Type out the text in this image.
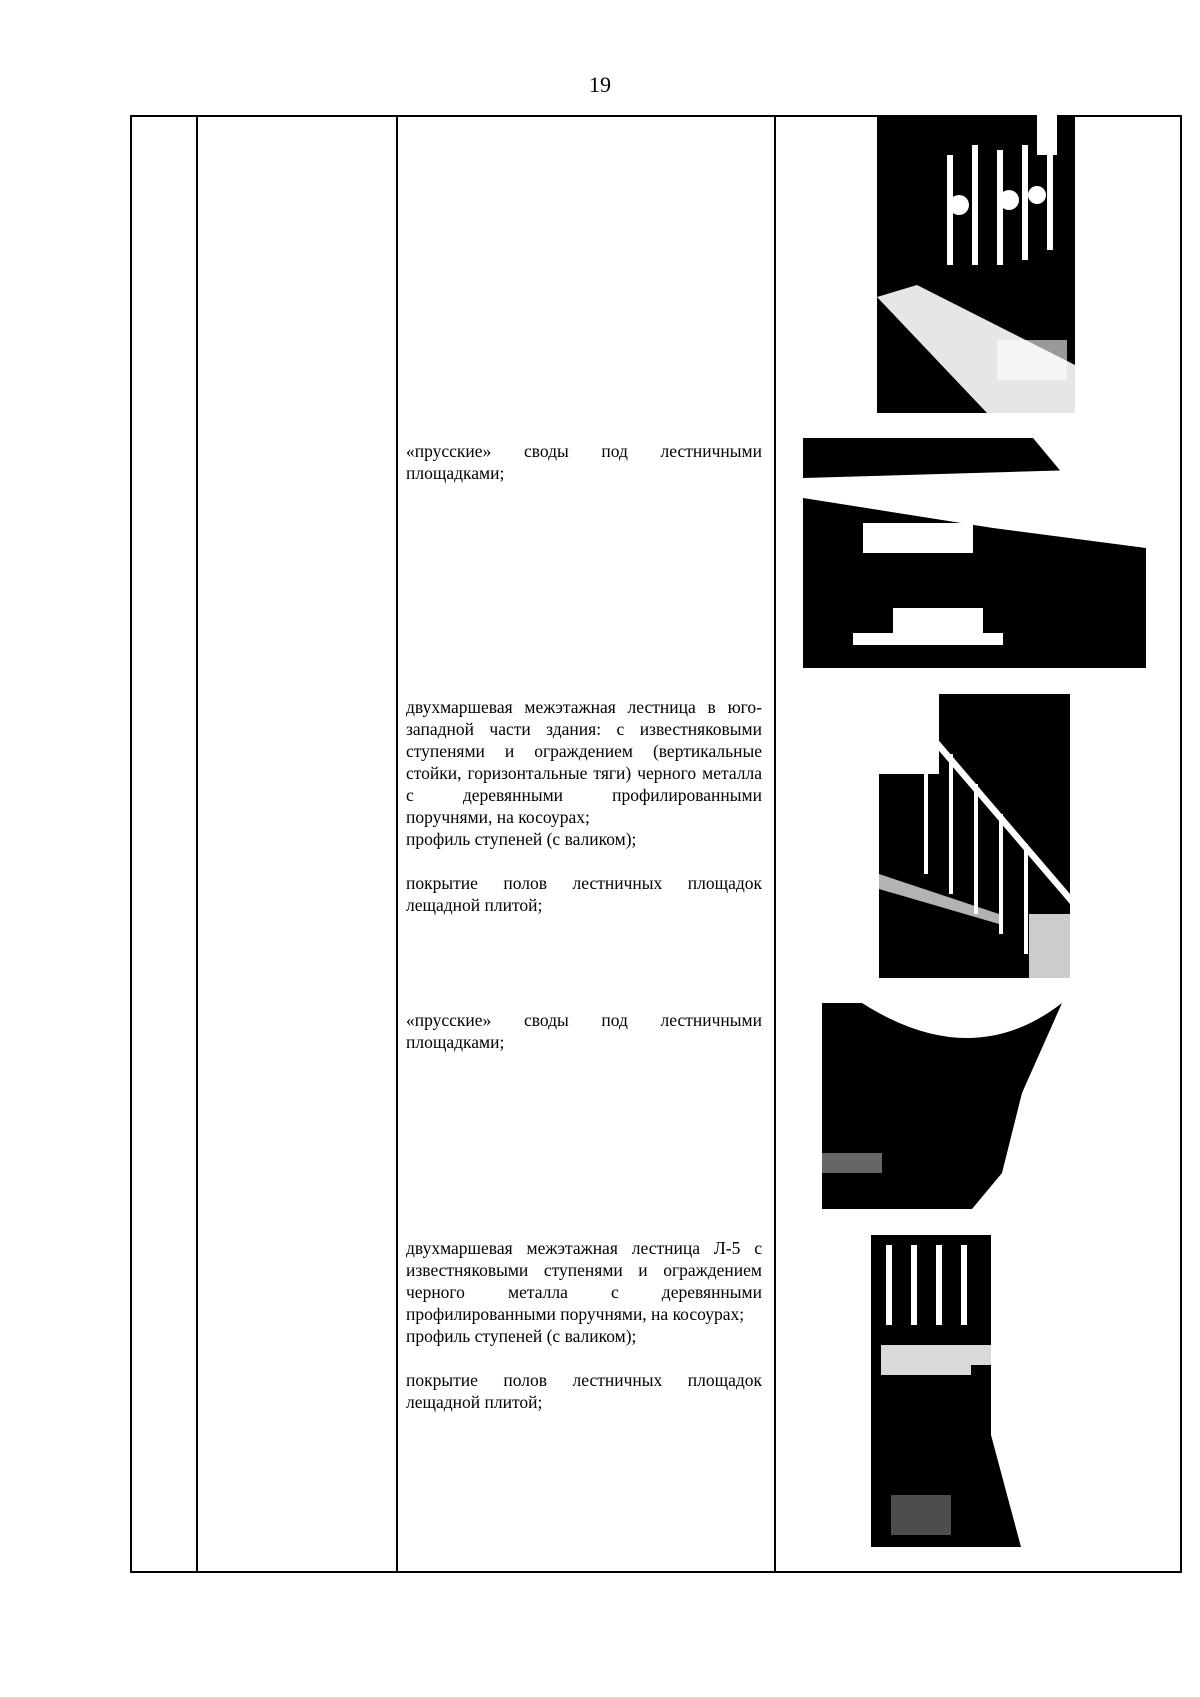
19

«прусские» своды под лестничными площадками;

двухмаршевая межэтажная лестница в юго-западной части здания: с известняковыми ступенями и ограждением (вертикальные стойки, горизонтальные тяги) черного металла с деревянными профилированными поручнями, на косоурах;

профиль ступеней (с валиком);

покрытие полов лестничных площадок лещадной плитой;

«прусские» своды под лестничными площадками;

двухмаршевая межэтажная лестница Л-5 с известняковыми ступенями и ограждением черного металла с деревянными профилированными поручнями, на косоурах;

профиль ступеней (с валиком);

покрытие полов лестничных площадок лещадной плитой;
